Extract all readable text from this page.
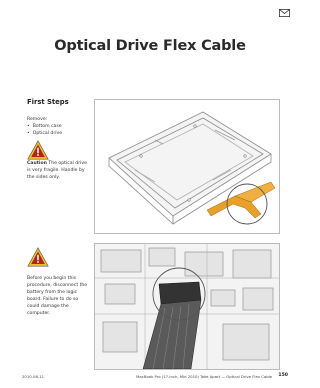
Optical Drive Flex Cable
First Steps
Remove:
• Bottom case
• Optical drive
Caution The optical drive is very fragile. Handle by the sides only.
Before you begin this procedure, disconnect the battery from the logic board. Failure to do so could damage the computer.
2010-06-11	MacBook Pro (17-inch, Mid 2010) Take Apart — Optical Drive Flex Cable 150
